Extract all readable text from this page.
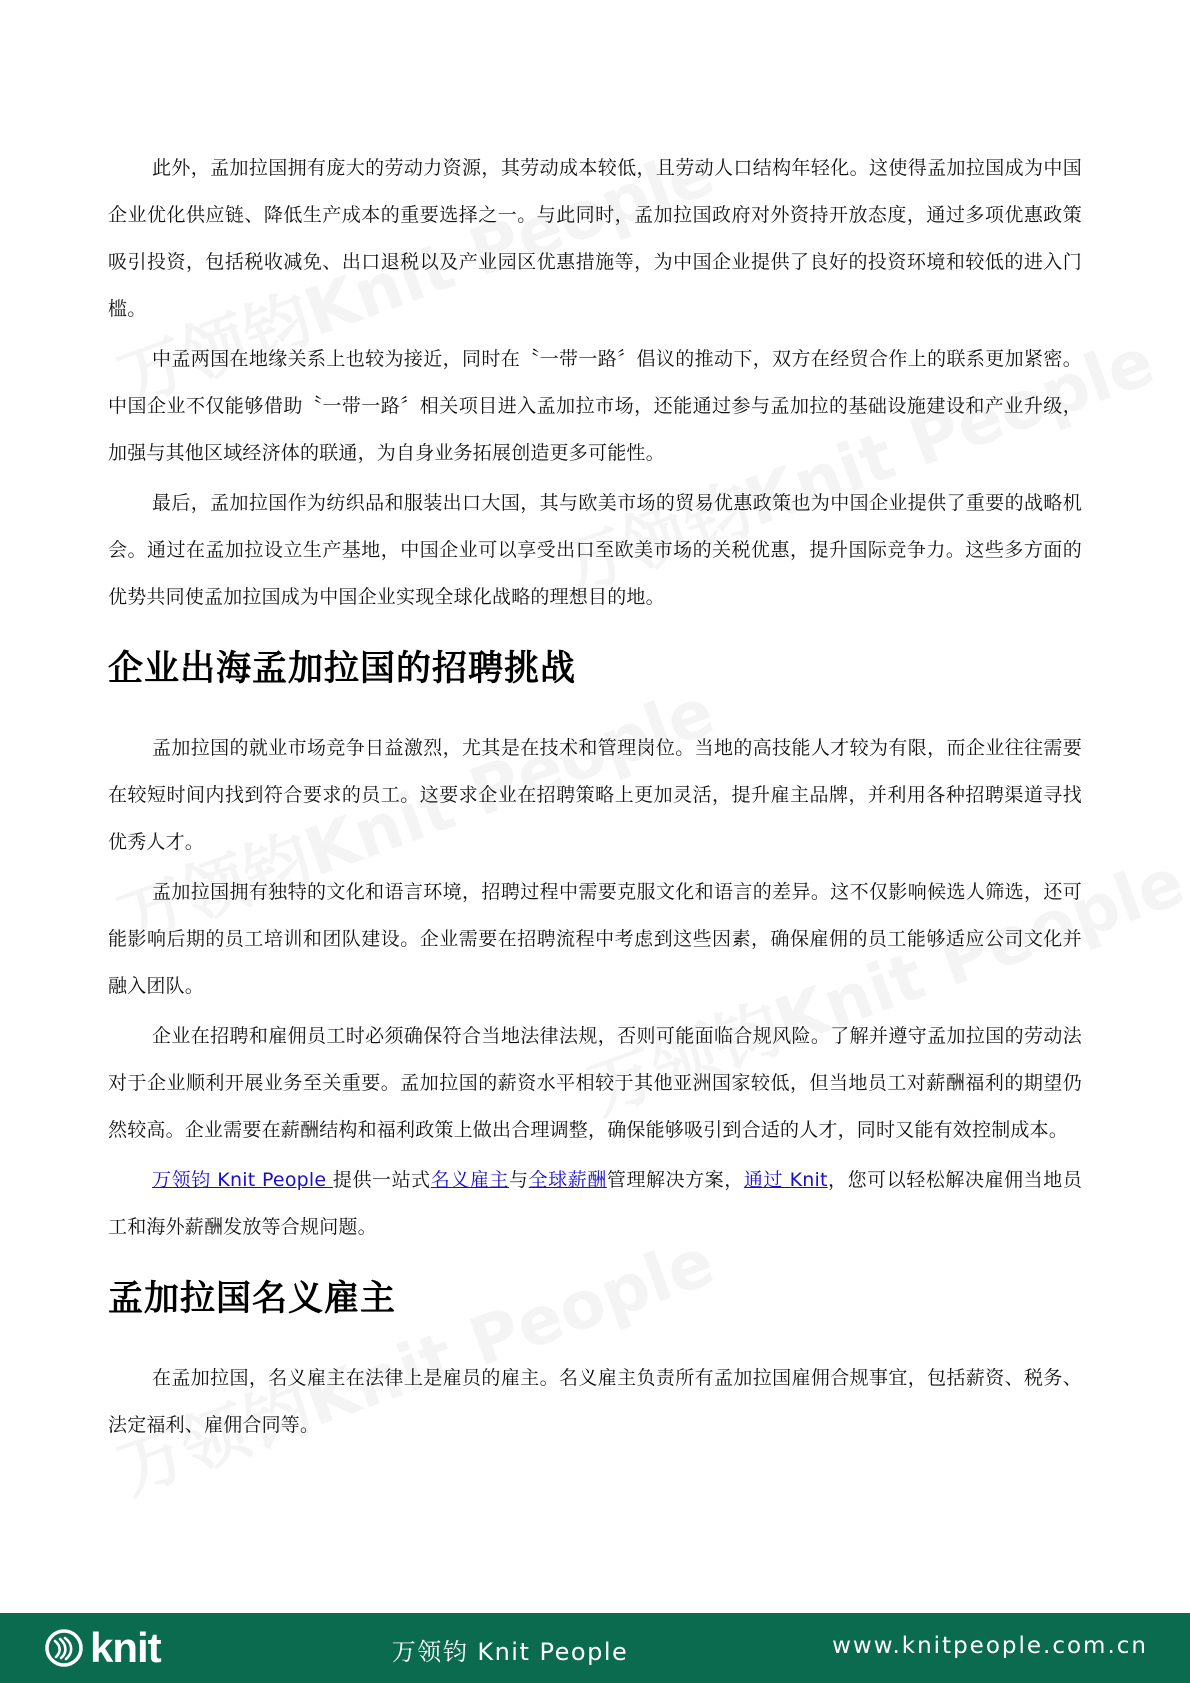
此外，孟加拉国拥有庞大的劳动力资源，其劳动成本较低，且劳动人口结构年轻化。这使得孟加拉国成为中国企业优化供应链、降低生产成本的重要选择之一。与此同时，孟加拉国政府对外资持开放态度，通过多项优惠政策吸引投资，包括税收减免、出口退税以及产业园区优惠措施等，为中国企业提供了良好的投资环境和较低的进入门槛。

中孟两国在地缘关系上也较为接近，同时在〝一带一路〞倡议的推动下，双方在经贸合作上的联系更加紧密。中国企业不仅能够借助〝一带一路〞相关项目进入孟加拉市场，还能通过参与孟加拉的基础设施建设和产业升级，加强与其他区域经济体的联通，为自身业务拓展创造更多可能性。

最后，孟加拉国作为纺织品和服装出口大国，其与欧美市场的贸易优惠政策也为中国企业提供了重要的战略机会。通过在孟加拉设立生产基地，中国企业可以享受出口至欧美市场的关税优惠，提升国际竞争力。这些多方面的优势共同使孟加拉国成为中国企业实现全球化战略的理想目的地。

企业出海孟加拉国的招聘挑战

孟加拉国的就业市场竞争日益激烈，尤其是在技术和管理岗位。当地的高技能人才较为有限，而企业往往需要在较短时间内找到符合要求的员工。这要求企业在招聘策略上更加灵活，提升雇主品牌，并利用各种招聘渠道寻找优秀人才。

孟加拉国拥有独特的文化和语言环境，招聘过程中需要克服文化和语言的差异。这不仅影响候选人筛选，还可能影响后期的员工培训和团队建设。企业需要在招聘流程中考虑到这些因素，确保雇佣的员工能够适应公司文化并融入团队。

企业在招聘和雇佣员工时必须确保符合当地法律法规，否则可能面临合规风险。了解并遵守孟加拉国的劳动法对于企业顺利开展业务至关重要。孟加拉国的薪资水平相较于其他亚洲国家较低，但当地员工对薪酬福利的期望仍然较高。企业需要在薪酬结构和福利政策上做出合理调整，确保能够吸引到合适的人才，同时又能有效控制成本。

万领钧 Knit People 提供一站式名义雇主与全球薪酬管理解决方案，通过 Knit，您可以轻松解决雇佣当地员工和海外薪酬发放等合规问题。

孟加拉国名义雇主

在孟加拉国，名义雇主在法律上是雇员的雇主。名义雇主负责所有孟加拉国雇佣合规事宜，包括薪资、税务、法定福利、雇佣合同等。

knit	万领钧 Knit People	www.knitpeople.com.cn
